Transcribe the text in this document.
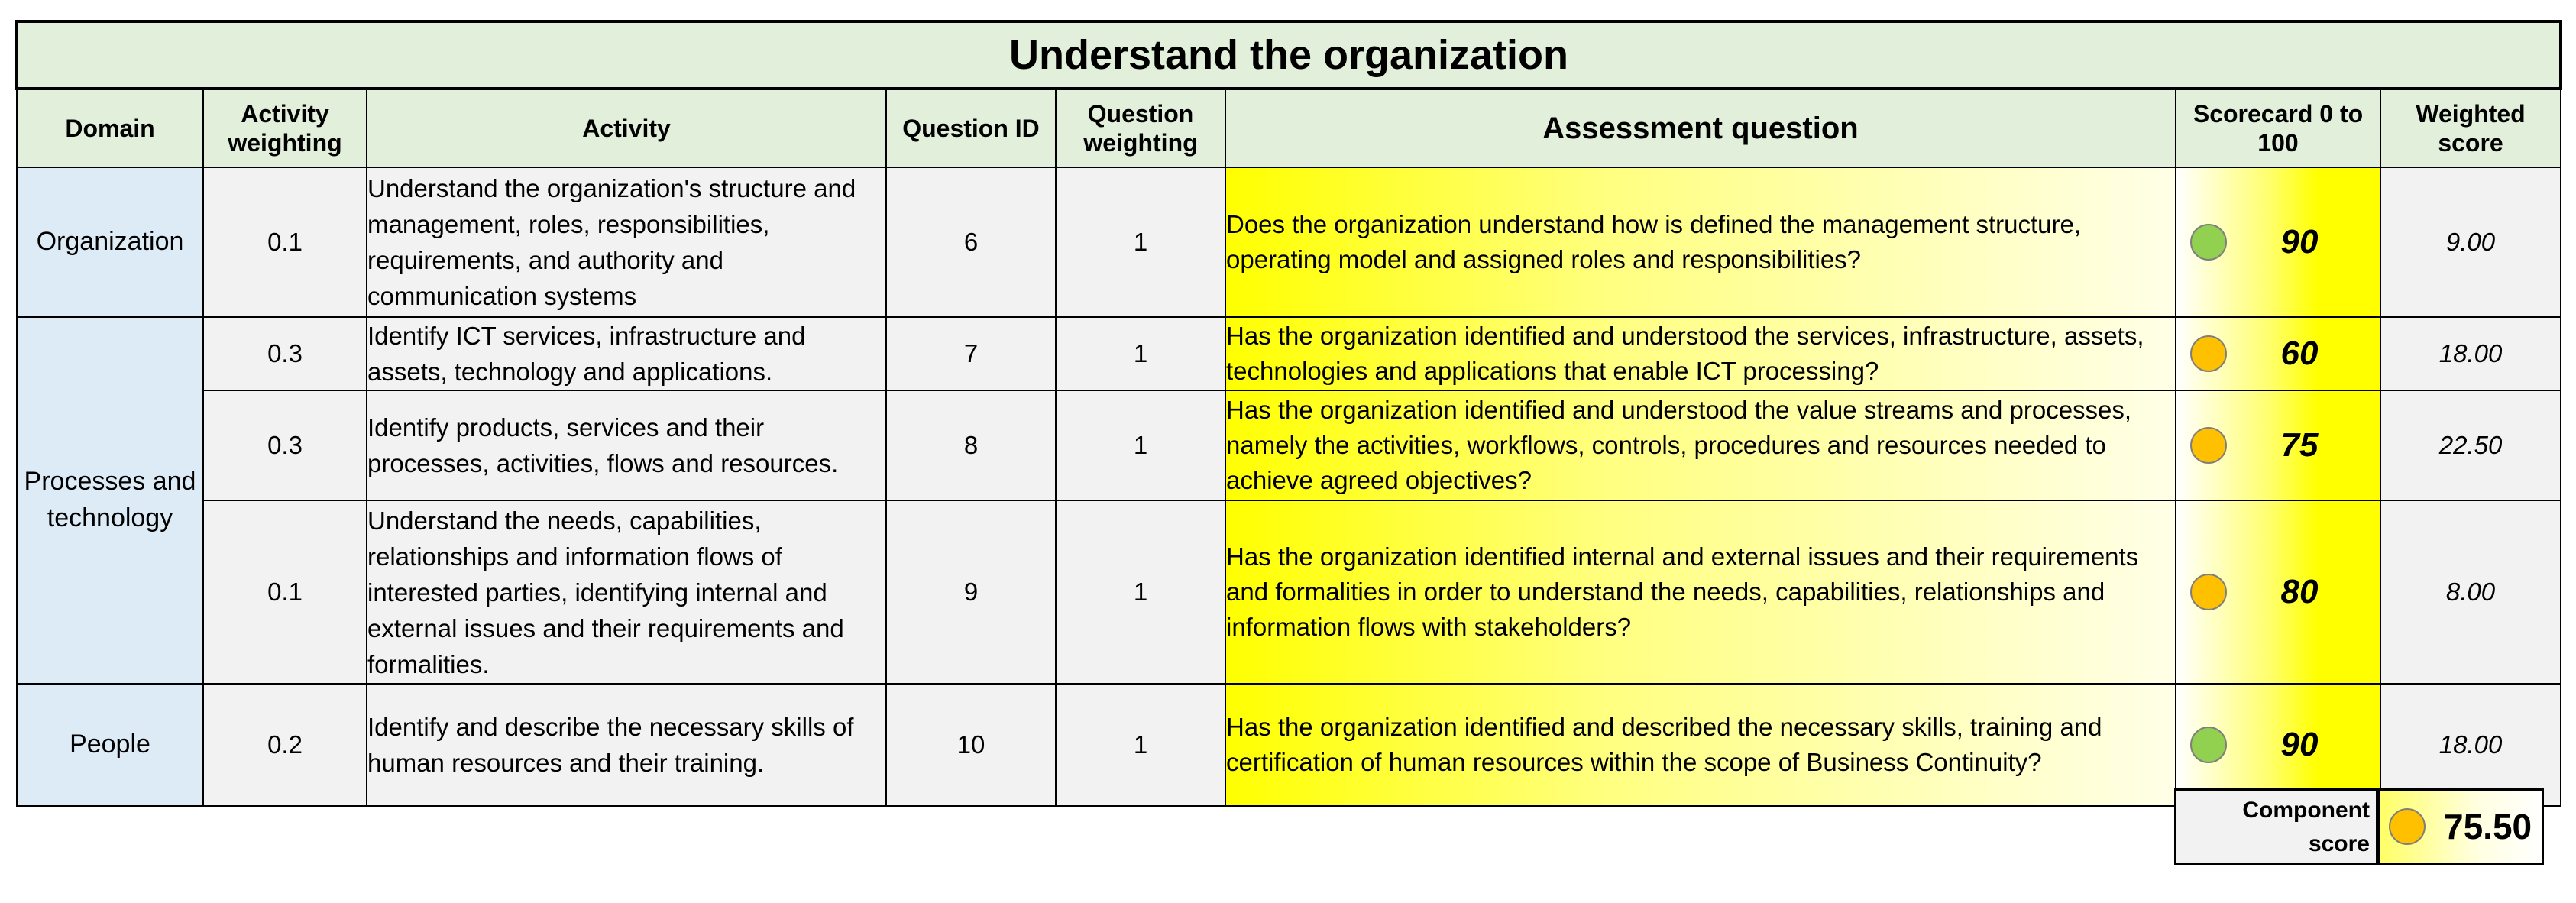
Understand the organization							
Domain	Activity weighting	Activity	Question ID	Question weighting	Assessment question	Scorecard 0 to 100	Weighted score
Organization	0.1	Understand the organization's structure and management, roles, responsibilities, requirements, and authority and communication systems	6	1	Does the organization understand how is defined the management structure, operating model and assigned roles and responsibilities?	90	9.00
Processes and technology	0.3	Identify ICT services, infrastructure and assets, technology and applications.	7	1	Has the organization identified and understood the services, infrastructure, assets, technologies and applications that enable ICT processing?	60	18.00
	0.3	Identify products, services and their processes, activities, flows and resources.	8	1	Has the organization identified and understood the value streams and processes, namely the activities, workflows, controls, procedures and resources needed to achieve agreed objectives?	75	22.50
	0.1	Understand the needs, capabilities, relationships and information flows of interested parties, identifying internal and external issues and their requirements and formalities.	9	1	Has the organization identified internal and external issues and their requirements and formalities in order to understand the needs, capabilities, relationships and information flows with stakeholders?	80	8.00
People	0.2	Identify and describe the necessary skills of human resources and their training.	10	1	Has the organization identified and described the necessary skills, training and certification of human resources within the scope of Business Continuity?	90	18.00
Component score 75.50
